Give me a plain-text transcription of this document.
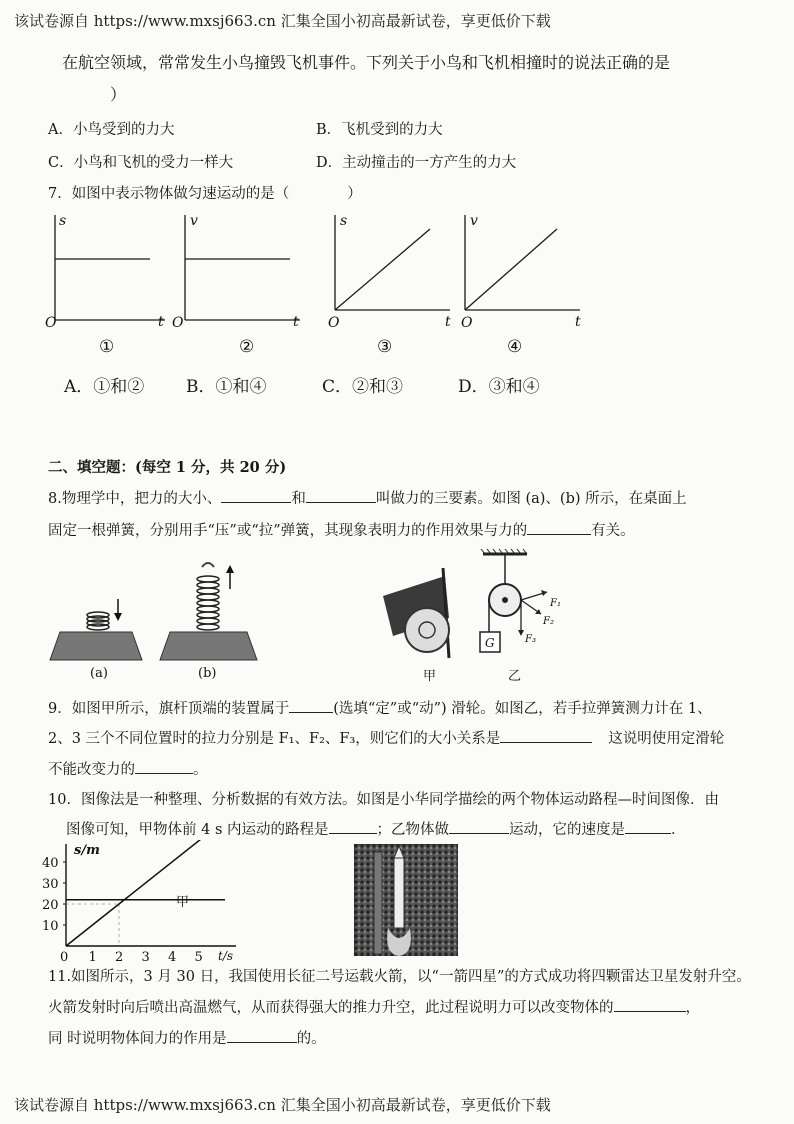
该试卷源自 https://www.mxsj663.cn 汇集全国小初高最新试卷，享更低价下载
在航空领域，常常发生小鸟撞毁飞机事件。下列关于小鸟和飞机相撞时的说法正确的是
）
A．小鸟受到的力大	B．飞机受到的力大
C．小鸟和飞机的受力一样大	D．主动撞击的一方产生的力大
7．如图中表示物体做匀速运动的是（　　　　）
s
t
O
v
t
O
s
t
O
v
t
O
①	②	③	④
A．①和② B．①和④	C．②和③	D．③和④
二、填空题：(每空 1 分，共 20 分)
8.物理学中，把力的大小、	和	叫做力的三要素。如图 (a)、(b) 所示，在桌面上
固定一根弹簧，分别用手“压”或“拉”弹簧，其现象表明力的作用效果与力的	有关。
(a)	(b)	甲
G
F₁
F₂
F₃
乙
9．如图甲所示，旗杆顶端的装置属于	(选填“定”或“动”) 滑轮。如图乙，若手拉弹簧测力计在 1、
2、3 三个不同位置时的拉力分别是 F₁、F₂、F₃，则它们的大小关系是	这说明使用定滑轮
不能改变力的	。
10．图像法是一种整理、分析数据的有效方法。如图是小华同学描绘的两个物体运动路程—时间图像．由
图像可知，甲物体前 4 s 内运动的路程是	；乙物体做	运动，它的速度是	．
10
20
30
40
0 1 2 3 4 5
s/m
t/s
甲
11.如图所示，3 月 30 日，我国使用长征二号运载火箭，以“一箭四星”的方式成功将四颗雷达卫星发射升空。
火箭发射时向后喷出高温燃气，从而获得强大的推力升空，此过程说明力可以改变物体的	，
同 时说明物体间力的作用是	的。
该试卷源自 https://www.mxsj663.cn 汇集全国小初高最新试卷，享更低价下载
